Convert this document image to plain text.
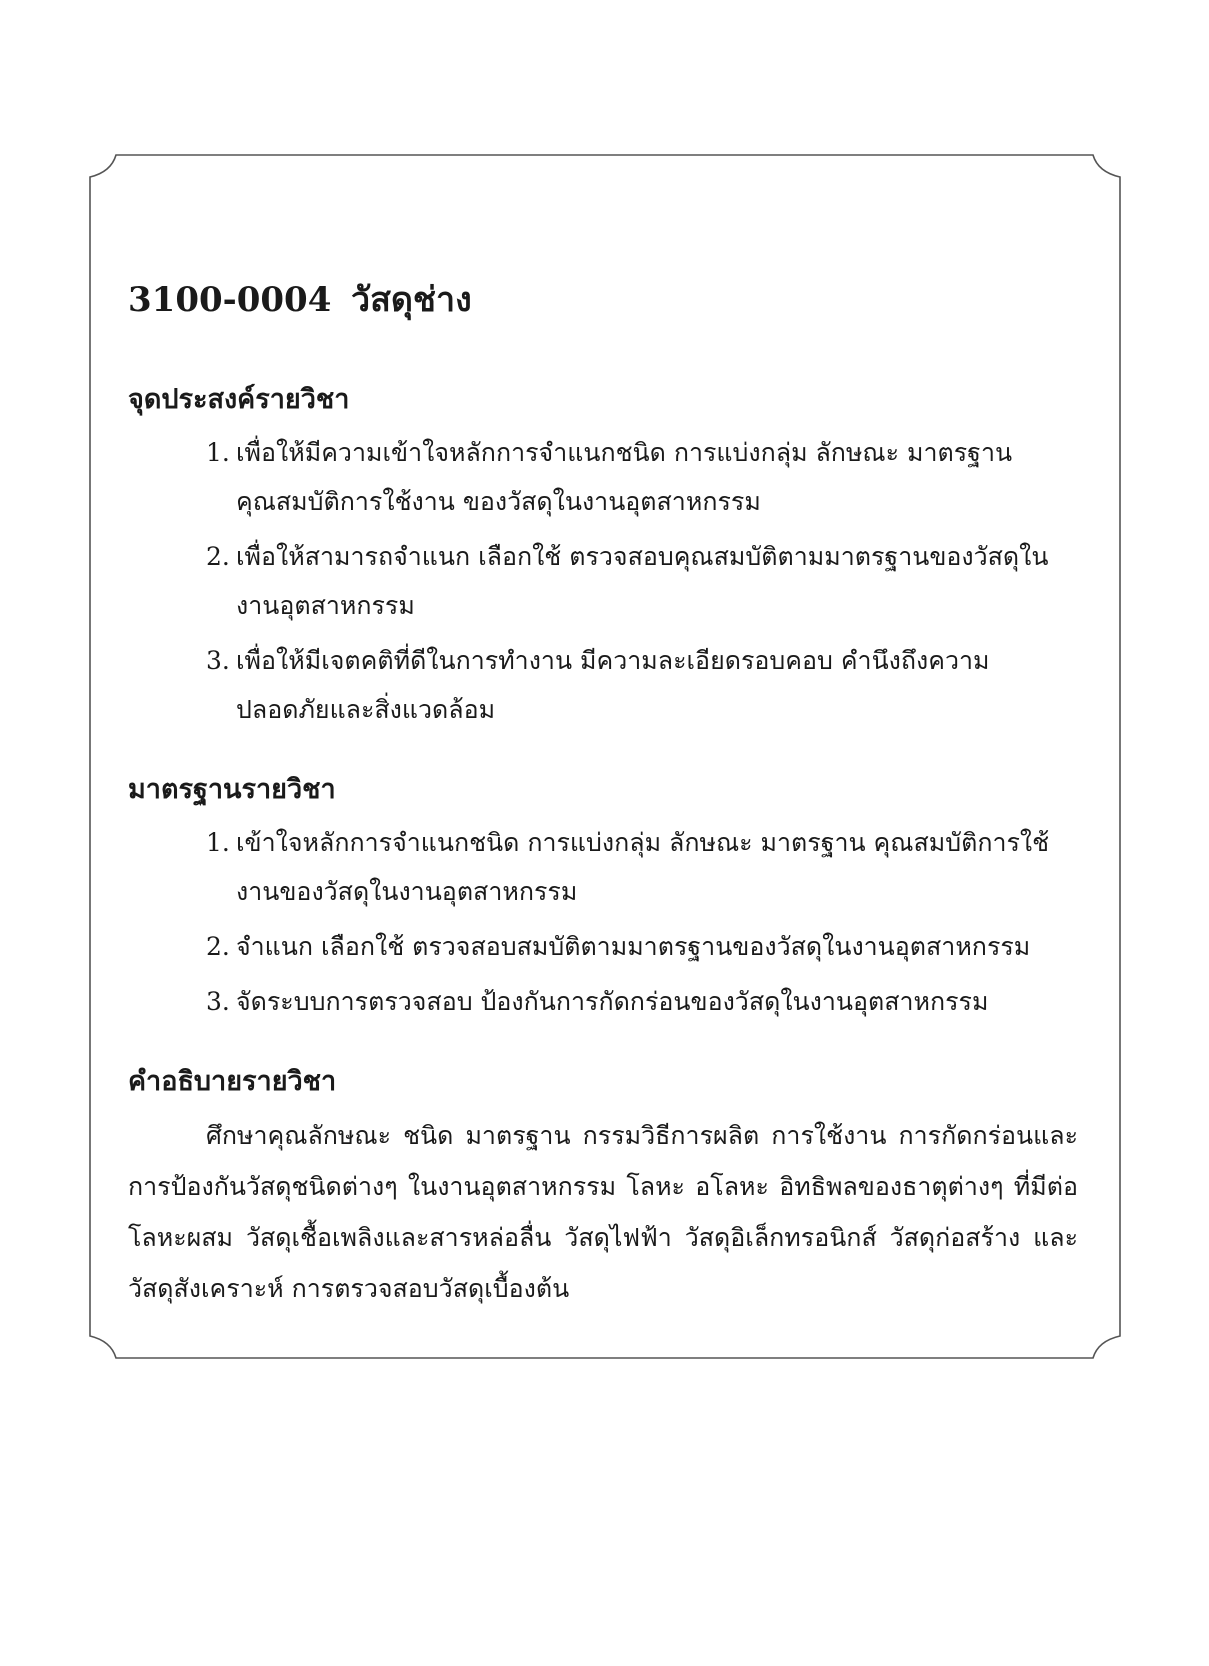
3100-0004 วัสดุช่าง
จุดประสงค์รายวิชา
1. เพื่อให้มีความเข้าใจหลักการจำแนกชนิด การแบ่งกลุ่ม ลักษณะ มาตรฐาน คุณสมบัติการใช้งาน ของวัสดุในงานอุตสาหกรรม
2. เพื่อให้สามารถจำแนก เลือกใช้ ตรวจสอบคุณสมบัติตามมาตรฐานของวัสดุในงานอุตสาหกรรม
3. เพื่อให้มีเจตคติที่ดีในการทำงาน มีความละเอียดรอบคอบ คำนึงถึงความปลอดภัยและสิ่งแวดล้อม
มาตรฐานรายวิชา
1. เข้าใจหลักการจำแนกชนิด การแบ่งกลุ่ม ลักษณะ มาตรฐาน คุณสมบัติการใช้งานของวัสดุในงานอุตสาหกรรม
2. จำแนก เลือกใช้ ตรวจสอบสมบัติตามมาตรฐานของวัสดุในงานอุตสาหกรรม
3. จัดระบบการตรวจสอบ ป้องกันการกัดกร่อนของวัสดุในงานอุตสาหกรรม
คำอธิบายรายวิชา

ศึกษาคุณลักษณะ ชนิด มาตรฐาน กรรมวิธีการผลิต การใช้งาน การกัดกร่อนและการป้องกันวัสดุชนิดต่างๆ ในงานอุตสาหกรรม โลหะ อโลหะ อิทธิพลของธาตุต่างๆ ที่มีต่อโลหะผสม วัสดุเชื้อเพลิงและสารหล่อลื่น วัสดุไฟฟ้า วัสดุอิเล็กทรอนิกส์ วัสดุก่อสร้าง และวัสดุสังเคราะห์ การตรวจสอบวัสดุเบื้องต้น
